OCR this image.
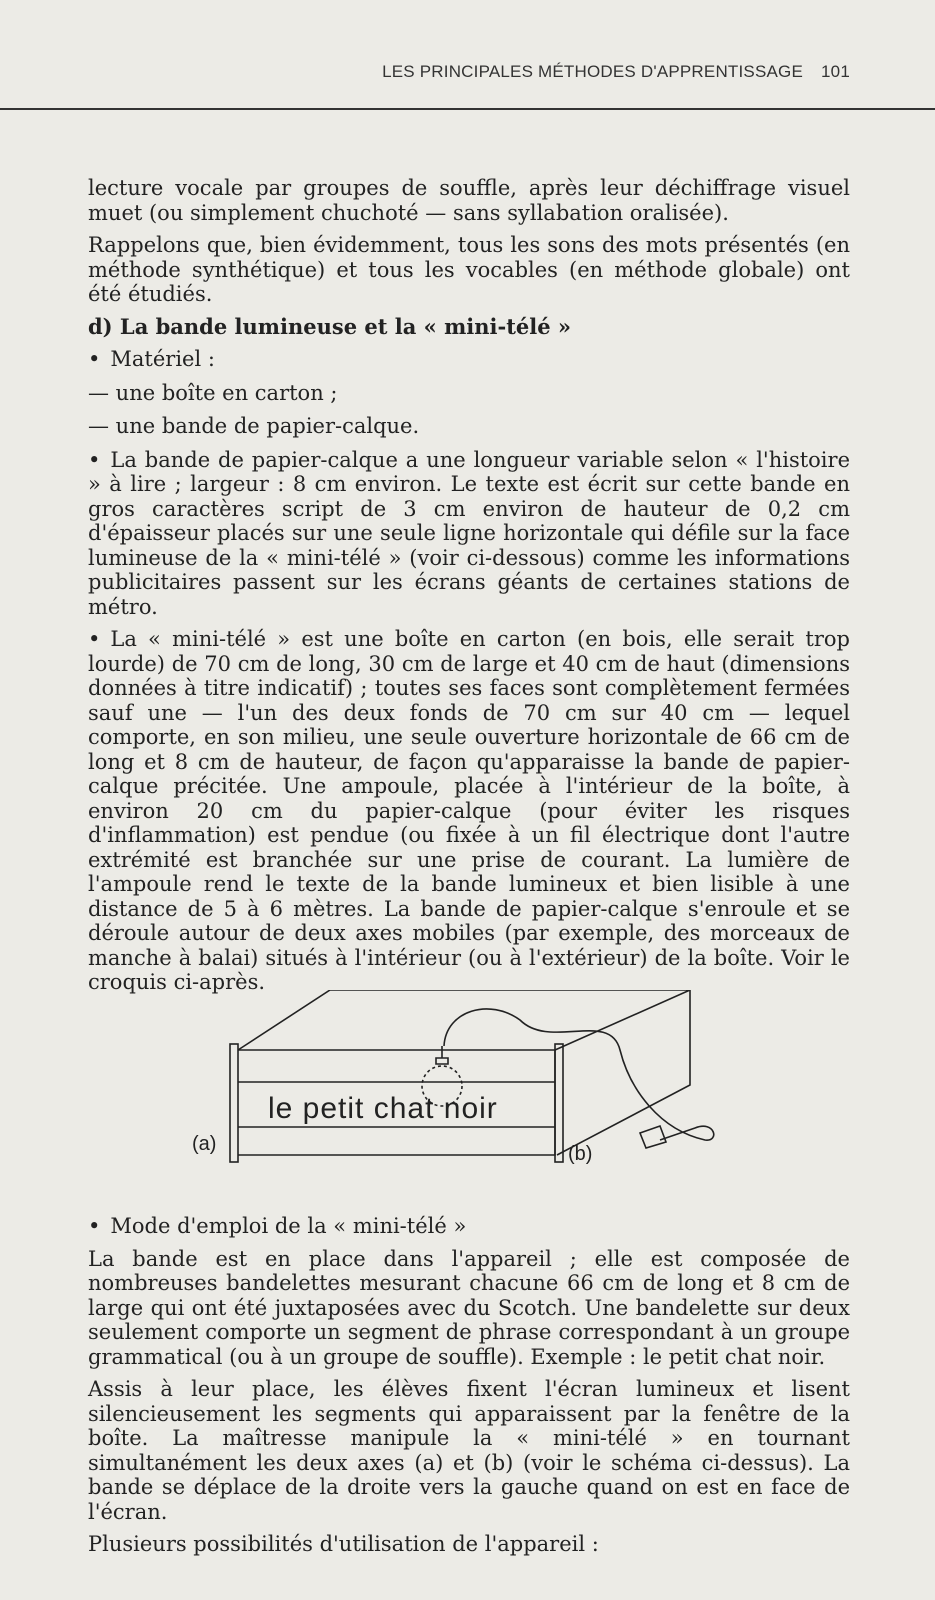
LES PRINCIPALES MÉTHODES D'APPRENTISSAGE 101

lecture vocale par groupes de souffle, après leur déchiffrage visuel muet (ou simplement chuchoté — sans syllabation oralisée).

Rappelons que, bien évidemment, tous les sons des mots présentés (en méthode synthétique) et tous les vocables (en méthode globale) ont été étudiés.

d) La bande lumineuse et la « mini-télé »

• Matériel :

— une boîte en carton ;

— une bande de papier-calque.

• La bande de papier-calque a une longueur variable selon « l'histoire » à lire ; largeur : 8 cm environ. Le texte est écrit sur cette bande en gros caractères script de 3 cm environ de hauteur de 0,2 cm d'épaisseur placés sur une seule ligne horizontale qui défile sur la face lumineuse de la « mini-télé » (voir ci-dessous) comme les informations publicitaires passent sur les écrans géants de certaines stations de métro.

• La « mini-télé » est une boîte en carton (en bois, elle serait trop lourde) de 70 cm de long, 30 cm de large et 40 cm de haut (dimensions données à titre indicatif) ; toutes ses faces sont complètement fermées sauf une — l'un des deux fonds de 70 cm sur 40 cm — lequel comporte, en son milieu, une seule ouverture horizontale de 66 cm de long et 8 cm de hauteur, de façon qu'apparaisse la bande de papier-calque précitée. Une ampoule, placée à l'intérieur de la boîte, à environ 20 cm du papier-calque (pour éviter les risques d'inflammation) est pendue (ou fixée à un fil électrique dont l'autre extrémité est branchée sur une prise de courant. La lumière de l'ampoule rend le texte de la bande lumineux et bien lisible à une distance de 5 à 6 mètres. La bande de papier-calque s'enroule et se déroule autour de deux axes mobiles (par exemple, des morceaux de manche à balai) situés à l'intérieur (ou à l'extérieur) de la boîte. Voir le croquis ci-après.

le petit chat noir
(a)	(b)

• Mode d'emploi de la « mini-télé »

La bande est en place dans l'appareil ; elle est composée de nombreuses bandelettes mesurant chacune 66 cm de long et 8 cm de large qui ont été juxtaposées avec du Scotch. Une bandelette sur deux seulement comporte un segment de phrase correspondant à un groupe grammatical (ou à un groupe de souffle). Exemple : le petit chat noir.

Assis à leur place, les élèves fixent l'écran lumineux et lisent silencieusement les segments qui apparaissent par la fenêtre de la boîte. La maîtresse manipule la « mini-télé » en tournant simultanément les deux axes (a) et (b) (voir le schéma ci-dessus). La bande se déplace de la droite vers la gauche quand on est en face de l'écran.

Plusieurs possibilités d'utilisation de l'appareil :
